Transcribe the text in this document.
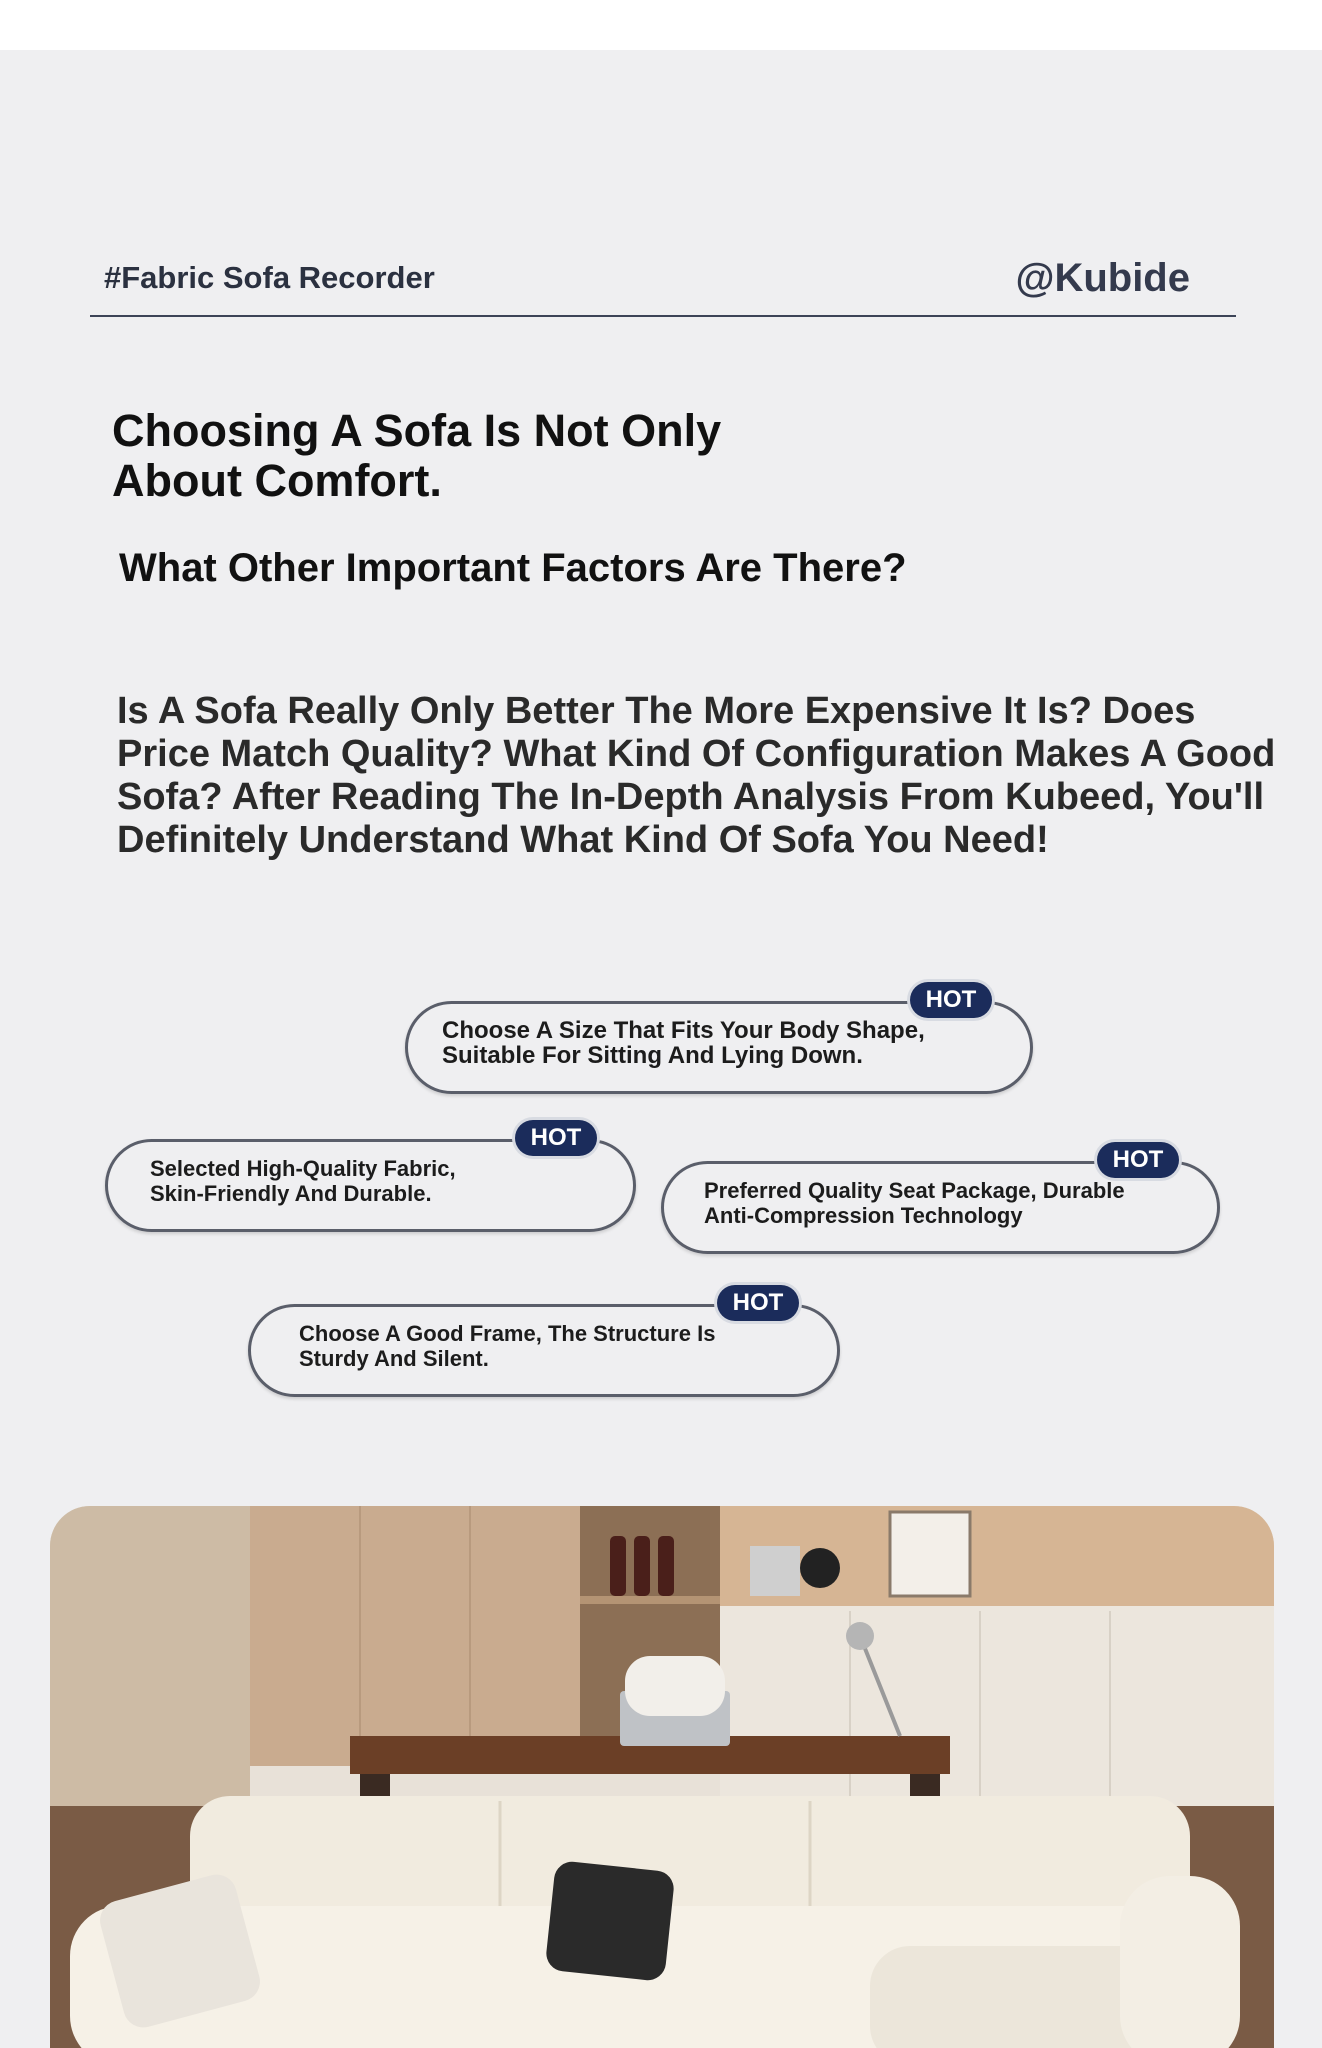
#Fabric Sofa Recorder	@Kubide
Choosing A Sofa Is Not Only
About Comfort.
What Other Important Factors Are There?
Is A Sofa Really Only Better The More Expensive It Is? Does
Price Match Quality? What Kind Of Configuration Makes A Good
Sofa? After Reading The In-Depth Analysis From Kubeed, You'll
Definitely Understand What Kind Of Sofa You Need!
Choose A Size That Fits Your Body Shape,
Suitable For Sitting And Lying Down.
HOT
Selected High-Quality Fabric,
Skin-Friendly And Durable.
HOT
Preferred Quality Seat Package, Durable
Anti-Compression Technology
HOT
Choose A Good Frame, The Structure Is
Sturdy And Silent.
HOT
